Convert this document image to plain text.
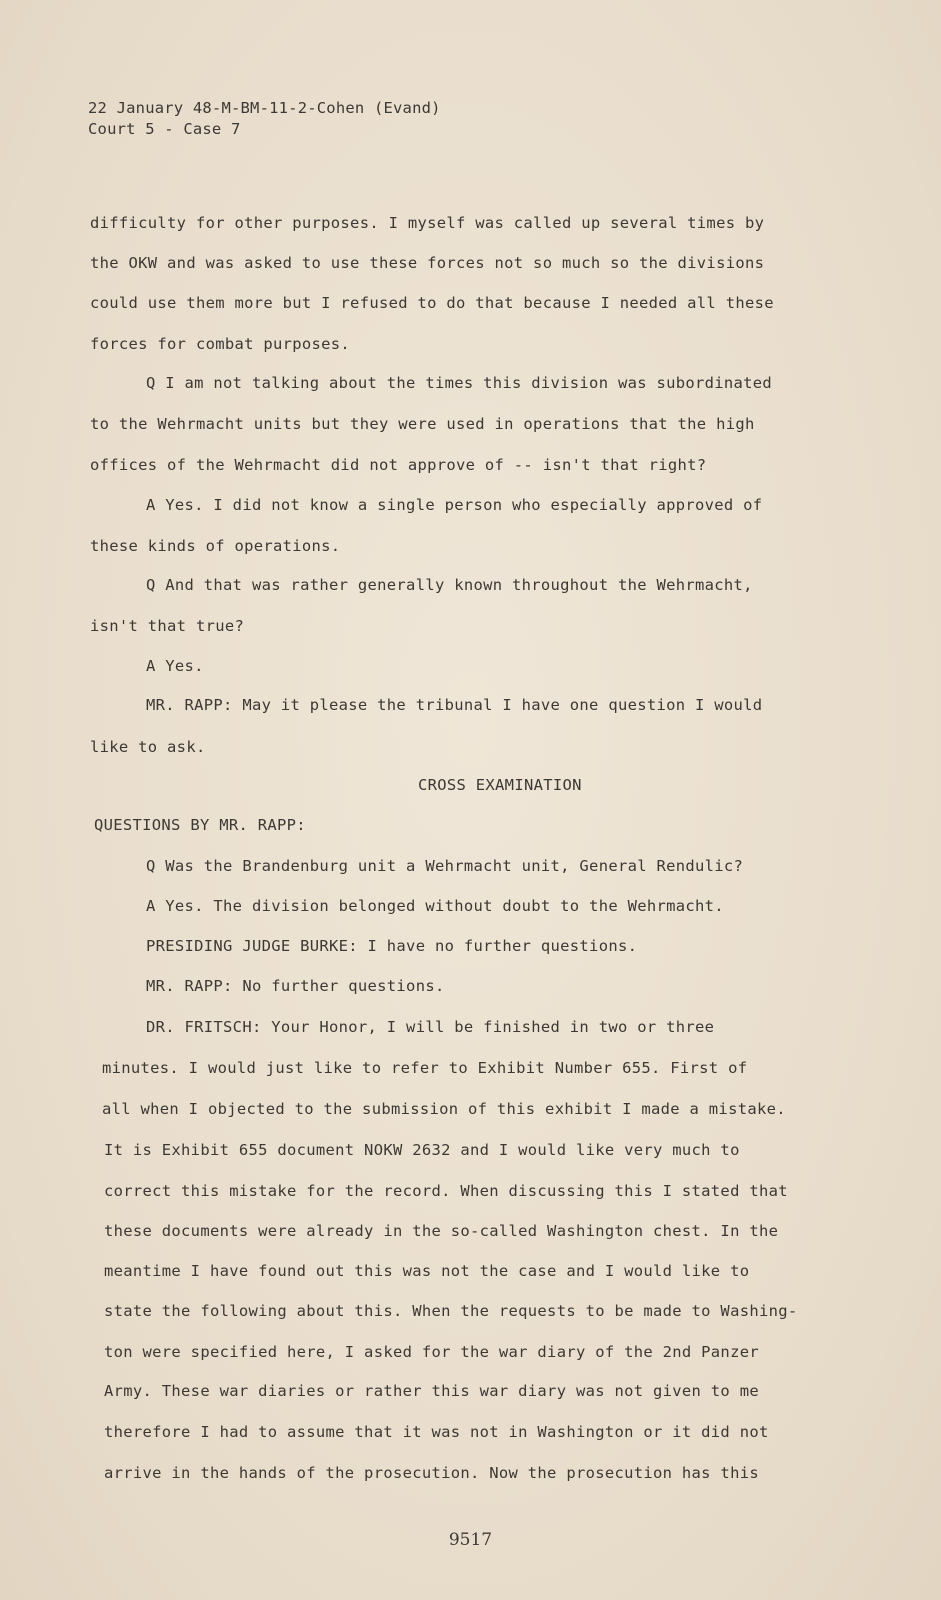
22 January 48-M-BM-11-2-Cohen (Evand)
Court 5 - Case 7
difficulty for other purposes. I myself was called up several times by
the OKW and was asked to use these forces not so much so the divisions
could use them more but I refused to do that because I needed all these
forces for combat purposes.
Q I am not talking about the times this division was subordinated
to the Wehrmacht units but they were used in operations that the high
offices of the Wehrmacht did not approve of -- isn't that right?
A Yes. I did not know a single person who especially approved of
these kinds of operations.
Q And that was rather generally known throughout the Wehrmacht,
isn't that true?
A Yes.
MR. RAPP: May it please the tribunal I have one question I would
like to ask.
CROSS EXAMINATION
QUESTIONS BY MR. RAPP:
Q Was the Brandenburg unit a Wehrmacht unit, General Rendulic?
A Yes. The division belonged without doubt to the Wehrmacht.
PRESIDING JUDGE BURKE: I have no further questions.
MR. RAPP: No further questions.
DR. FRITSCH: Your Honor, I will be finished in two or three
minutes. I would just like to refer to Exhibit Number 655. First of
all when I objected to the submission of this exhibit I made a mistake.
It is Exhibit 655 document NOKW 2632 and I would like very much to
correct this mistake for the record. When discussing this I stated that
these documents were already in the so-called Washington chest. In the
meantime I have found out this was not the case and I would like to
state the following about this. When the requests to be made to Washing-
ton were specified here, I asked for the war diary of the 2nd Panzer
Army. These war diaries or rather this war diary was not given to me
therefore I had to assume that it was not in Washington or it did not
arrive in the hands of the prosecution. Now the prosecution has this
9517
